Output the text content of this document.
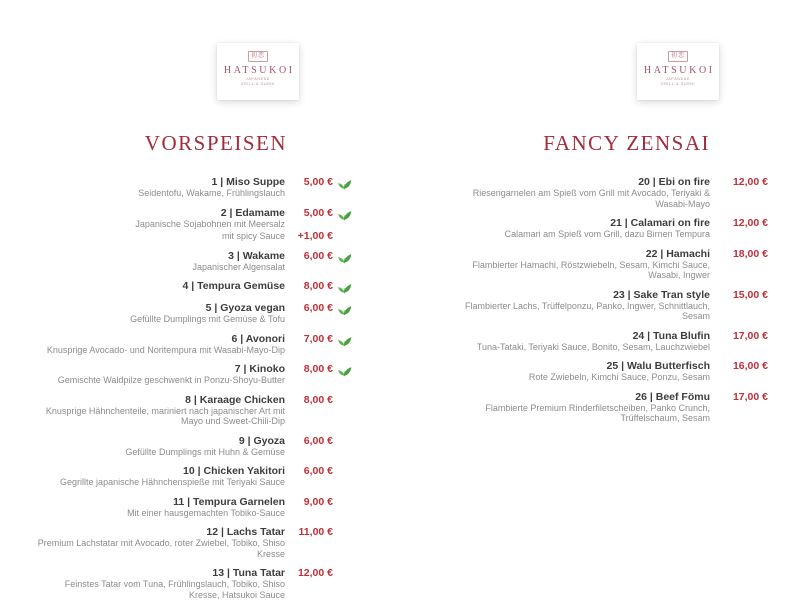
初恋
HATSUKOI
JAPANESE
GRILL & SUSHI
初恋
HATSUKOI
JAPANESE
GRILL & SUSHI
VORSPEISEN
1 | Miso Suppe
Seidentofu, Wakame, Frühlingslauch
5,00 €
2 | Edamame
Japanische Sojabohnen mit Meersalz
5,00 €
mit spicy Sauce	+1,00 €
3 | Wakame
Japanischer Algensalat
6,00 €
4 | Tempura Gemüse	8,00 €
5 | Gyoza vegan
Gefüllte Dumplings mit Gemüse & Tofu
6,00 €
6 | Avonori
Knusprige Avocado- und Noritempura mit Wasabi-Mayo-Dip
7,00 €
7 | Kinoko
Gemischte Waldpilze geschwenkt in Ponzu-Shoyu-Butter
8,00 €
8 | Karaage Chicken
Knusprige Hähnchenteile, mariniert nach japanischer Art mit Mayo und Sweet-Chili-Dip
8,00 €
9 | Gyoza
Gefüllte Dumplings mit Huhn & Gemüse
6,00 €
10 | Chicken Yakitori
Gegrillte japanische Hähnchenspieße mit Teriyaki Sauce
6,00 €
11 | Tempura Garnelen
Mit einer hausgemachten Tobiko-Sauce
9,00 €
12 | Lachs Tatar
Premium Lachstatar mit Avocado, roter Zwiebel, Tobiko, Shiso Kresse
11,00 €
13 | Tuna Tatar
Feinstes Tatar vom Tuna, Frühlingslauch, Tobiko, Shiso Kresse, Hatsukoi Sauce
12,00 €
FANCY ZENSAI
20 | Ebi on fire
Riesengarnelen am Spieß vom Grill mit Avocado, Teriyaki & Wasabi-Mayo
12,00 €
21 | Calamari on fire
Calamari am Spieß vom Grill, dazu Birnen Tempura
12,00 €
22 | Hamachi
Flambierter Hamachi, Röstzwiebeln, Sesam, Kimchi Sauce, Wasabi, Ingwer
18,00 €
23 | Sake Tran style
Flambierter Lachs, Trüffelponzu, Panko, Ingwer, Schnittlauch, Sesam
15,00 €
24 | Tuna Blufin
Tuna-Tataki, Teriyaki Sauce, Bonito, Sesam, Lauchzwiebel
17,00 €
25 | Walu Butterfisch
Rote Zwiebeln, Kimchi Sauce, Ponzu, Sesam
16,00 €
26 | Beef Fömu
Flambierte Premium Rinderfiletscheiben, Panko Crunch, Trüffelschaum, Sesam
17,00 €
